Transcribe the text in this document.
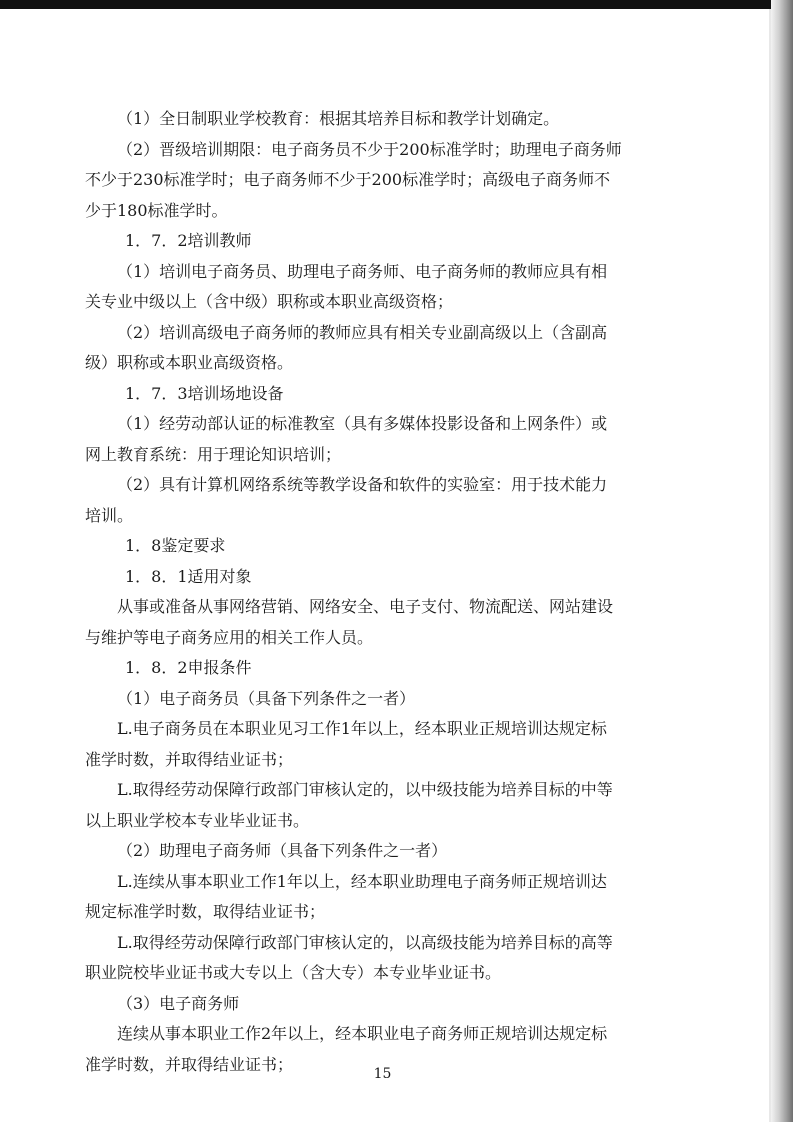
（1）全日制职业学校教育：根据其培养目标和教学计划确定。
（2）晋级培训期限：电子商务员不少于200标准学时；助理电子商务师
不少于230标准学时；电子商务师不少于200标准学时；高级电子商务师不
少于180标准学时。
1．7．2培训教师
（1）培训电子商务员、助理电子商务师、电子商务师的教师应具有相
关专业中级以上（含中级）职称或本职业高级资格；
（2）培训高级电子商务师的教师应具有相关专业副高级以上（含副高
级）职称或本职业高级资格。
1．7．3培训场地设备
（1）经劳动部认证的标准教室（具有多媒体投影设备和上网条件）或
网上教育系统：用于理论知识培训；
（2）具有计算机网络系统等教学设备和软件的实验室：用于技术能力
培训。
1．8鉴定要求
1．8．1适用对象
从事或准备从事网络营销、网络安全、电子支付、物流配送、网站建设
与维护等电子商务应用的相关工作人员。
1．8．2申报条件
（1）电子商务员（具备下列条件之一者）
L.电子商务员在本职业见习工作1年以上，经本职业正规培训达规定标
准学时数，并取得结业证书；
L.取得经劳动保障行政部门审核认定的，以中级技能为培养目标的中等
以上职业学校本专业毕业证书。
（2）助理电子商务师（具备下列条件之一者）
L.连续从事本职业工作1年以上，经本职业助理电子商务师正规培训达
规定标准学时数，取得结业证书；
L.取得经劳动保障行政部门审核认定的，以高级技能为培养目标的高等
职业院校毕业证书或大专以上（含大专）本专业毕业证书。
（3）电子商务师
连续从事本职业工作2年以上，经本职业电子商务师正规培训达规定标
准学时数，并取得结业证书；
15
